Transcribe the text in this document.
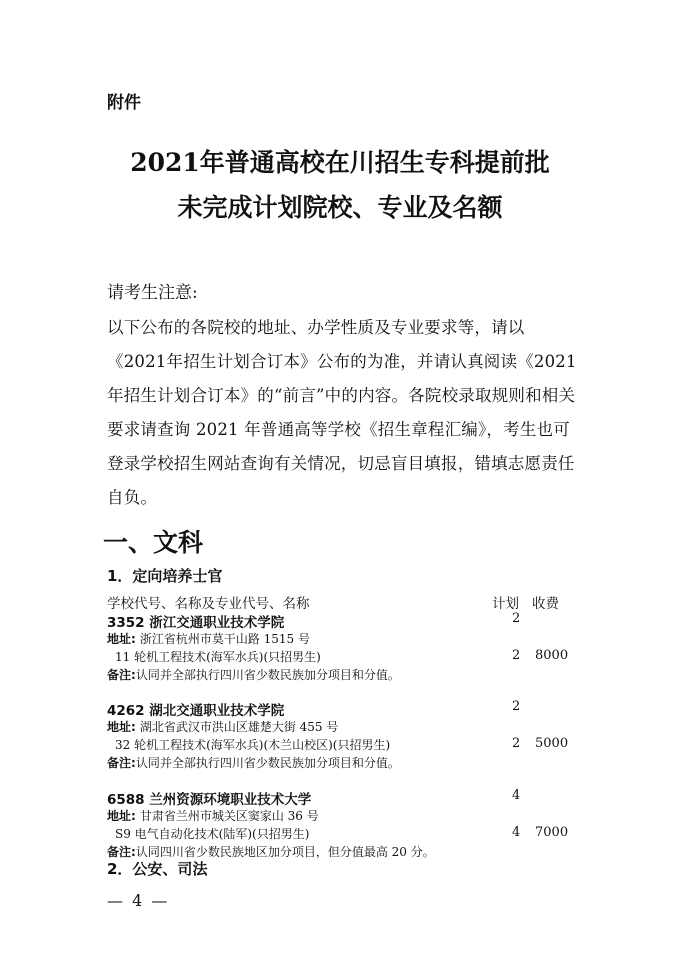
附件
2021年普通高校在川招生专科提前批
未完成计划院校、专业及名额
请考生注意:
以下公布的各院校的地址、办学性质及专业要求等，请以
《2021年招生计划合订本》公布的为准，并请认真阅读《2021
年招生计划合订本》的“前言”中的内容。各院校录取规则和相关
要求请查询 2021 年普通高等学校《招生章程汇编》，考生也可
登录学校招生网站查询有关情况，切忌盲目填报，错填志愿责任
自负。
一、文科
1．定向培养士官
学校代号、名称及专业代号、名称	计划 收费
3352 浙江交通职业技术学院	2
地址: 浙江省杭州市莫干山路 1515 号
11 轮机工程技术(海军水兵)(只招男生)	2 8000
备注:认同并全部执行四川省少数民族加分项目和分值。
4262 湖北交通职业技术学院	2
地址: 湖北省武汉市洪山区雄楚大街 455 号
32 轮机工程技术(海军水兵)(木兰山校区)(只招男生)	2 5000
备注:认同并全部执行四川省少数民族加分项目和分值。
6588 兰州资源环境职业技术大学	4
地址: 甘肃省兰州市城关区窦家山 36 号
S9 电气自动化技术(陆军)(只招男生)	4 7000
备注:认同四川省少数民族地区加分项目，但分值最高 20 分。
2．公安、司法
— 4 —
